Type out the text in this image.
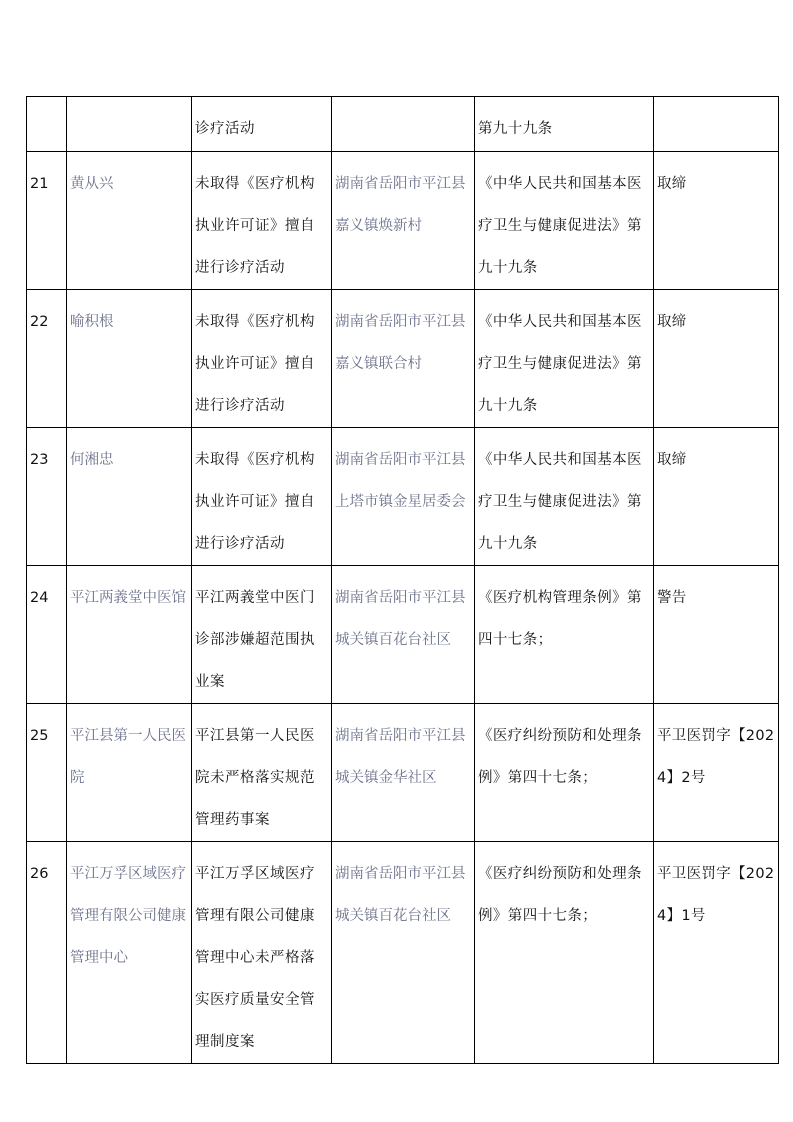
		诊疗活动		第九十九条	
21	黄从兴	未取得《医疗机构执业许可证》擅自进行诊疗活动	湖南省岳阳市平江县嘉义镇焕新村	《中华人民共和国基本医疗卫生与健康促进法》第九十九条	取缔
22	喻积根	未取得《医疗机构执业许可证》擅自进行诊疗活动	湖南省岳阳市平江县嘉义镇联合村	《中华人民共和国基本医疗卫生与健康促进法》第九十九条	取缔
23	何湘忠	未取得《医疗机构执业许可证》擅自进行诊疗活动	湖南省岳阳市平江县上塔市镇金星居委会	《中华人民共和国基本医疗卫生与健康促进法》第九十九条	取缔
24	平江两義堂中医馆	平江两義堂中医门诊部涉嫌超范围执业案	湖南省岳阳市平江县城关镇百花台社区	《医疗机构管理条例》第四十七条；	警告
25	平江县第一人民医院	平江县第一人民医院未严格落实规范管理药事案	湖南省岳阳市平江县城关镇金华社区	《医疗纠纷预防和处理条例》第四十七条；	平卫医罚字【2024】2号
26	平江万孚区域医疗管理有限公司健康管理中心	平江万孚区域医疗管理有限公司健康管理中心未严格落实医疗质量安全管理制度案	湖南省岳阳市平江县城关镇百花台社区	《医疗纠纷预防和处理条例》第四十七条；	平卫医罚字【2024】1号
